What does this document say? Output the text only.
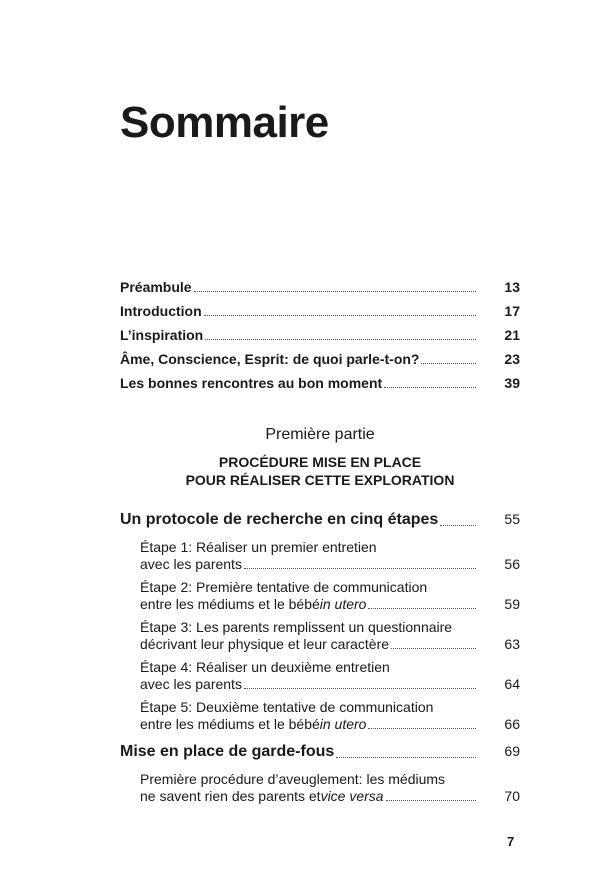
Sommaire
Préambule	13
Introduction	17
L’inspiration	21
Âme, Conscience, Esprit: de quoi parle-t-on?	23
Les bonnes rencontres au bon moment	39
Première partie
PROCÉDURE MISE EN PLACE
POUR RÉALISER CETTE EXPLORATION
Un protocole de recherche en cinq étapes	55
Étape 1: Réaliser un premier entretien
avec les parents	56
Étape 2: Première tentative de communication
entre les médiums et le bébé in utero	59
Étape 3: Les parents remplissent un questionnaire
décrivant leur physique et leur caractère	63
Étape 4: Réaliser un deuxième entretien
avec les parents	64
Étape 5: Deuxième tentative de communication
entre les médiums et le bébé in utero	66
Mise en place de garde-fous	69
Première procédure d’aveuglement: les médiums
ne savent rien des parents et vice versa	70
7
